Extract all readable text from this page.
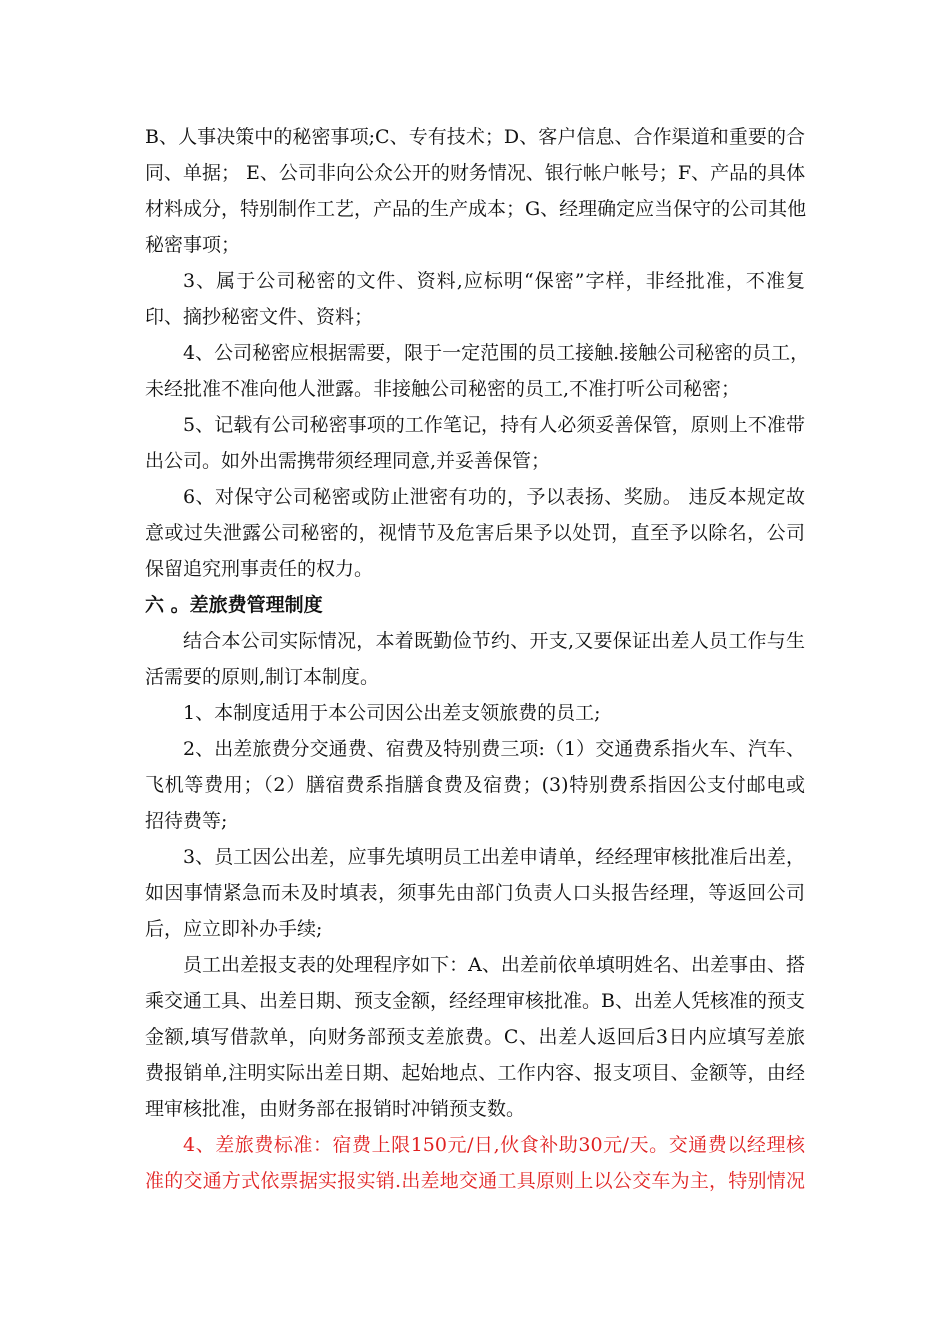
B、人事决策中的秘密事项;C、专有技术；D、客户信息、合作渠道和重要的合
同、单据； E、公司非向公众公开的财务情况、银行帐户帐号；F、产品的具体
材料成分，特别制作工艺，产品的生产成本；G、经理确定应当保守的公司其他
秘密事项；
3、属于公司秘密的文件、资料,应标明“保密”字样，非经批准，不准复
印、摘抄秘密文件、资料；
4、公司秘密应根据需要，限于一定范围的员工接触.接触公司秘密的员工，
未经批准不准向他人泄露。非接触公司秘密的员工,不准打听公司秘密；
5、记载有公司秘密事项的工作笔记，持有人必须妥善保管，原则上不准带
出公司。如外出需携带须经理同意,并妥善保管；
6、对保守公司秘密或防止泄密有功的，予以表扬、奖励。 违反本规定故
意或过失泄露公司秘密的，视情节及危害后果予以处罚，直至予以除名，公司
保留追究刑事责任的权力。
六 。差旅费管理制度
结合本公司实际情况，本着既勤俭节约、开支,又要保证出差人员工作与生
活需要的原则,制订本制度。
1、本制度适用于本公司因公出差支领旅费的员工;
2、出差旅费分交通费、宿费及特别费三项:（1）交通费系指火车、汽车、
飞机等费用；（2）膳宿费系指膳食费及宿费；(3)特别费系指因公支付邮电或
招待费等;
3、员工因公出差，应事先填明员工出差申请单，经经理审核批准后出差，
如因事情紧急而未及时填表，须事先由部门负责人口头报告经理，等返回公司
后，应立即补办手续;
员工出差报支表的处理程序如下：A、出差前依单填明姓名、出差事由、搭
乘交通工具、出差日期、预支金额，经经理审核批准。B、出差人凭核准的预支
金额,填写借款单，向财务部预支差旅费。C、出差人返回后3日内应填写差旅
费报销单,注明实际出差日期、起始地点、工作内容、报支项目、金额等，由经
理审核批准，由财务部在报销时冲销预支数。
4、差旅费标准：宿费上限150元/日,伙食补助30元/天。交通费以经理核
准的交通方式依票据实报实销.出差地交通工具原则上以公交车为主，特别情况
